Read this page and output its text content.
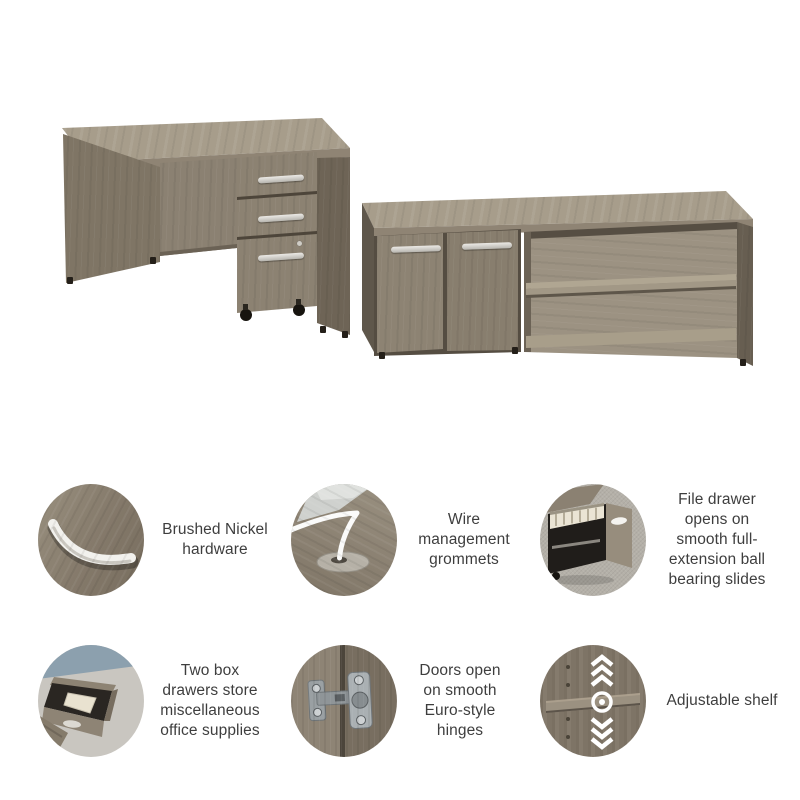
Brushed Nickel hardware
Wire management grommets
File drawer opens on smooth full-extension ball bearing slides
Two box drawers store miscellaneous office supplies
Doors open on smooth Euro-style hinges
Adjustable shelf
